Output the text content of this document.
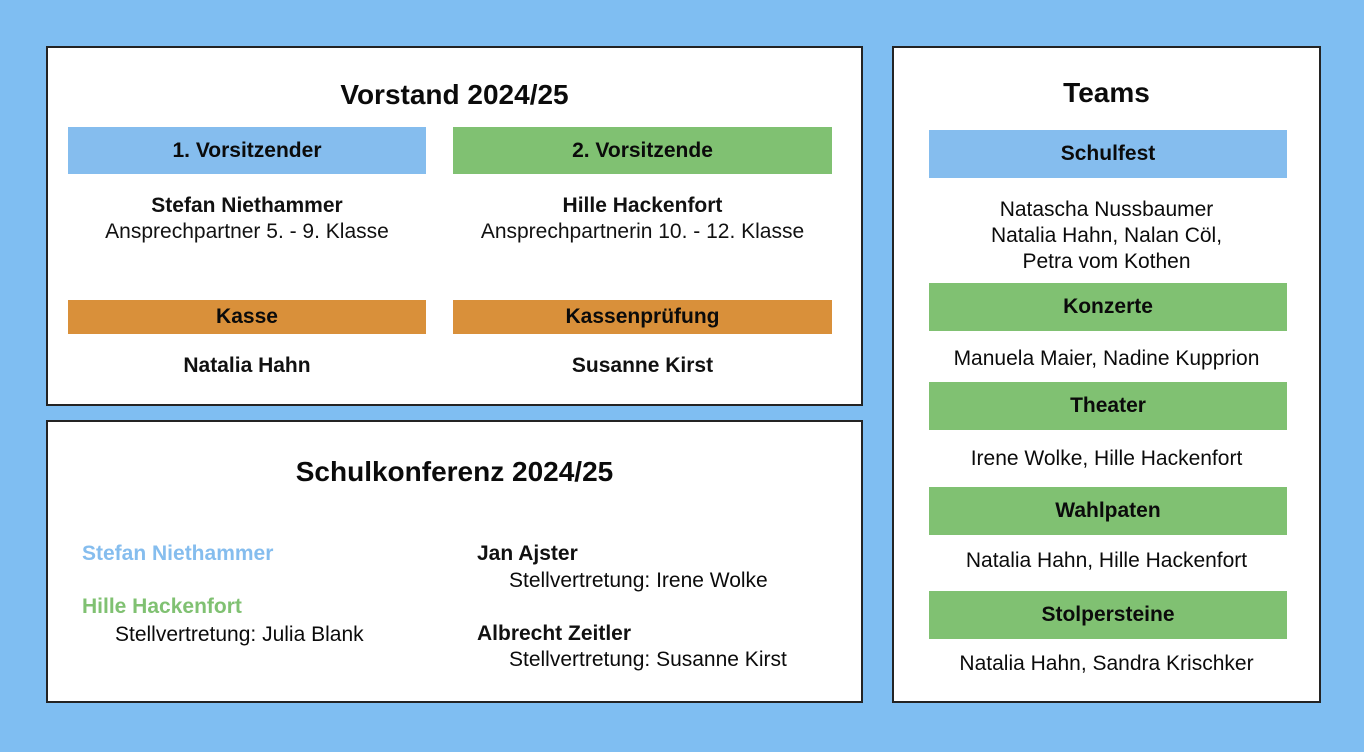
Vorstand 2024/25
1. Vorsitzender	2. Vorsitzende
Stefan Niethammer
Ansprechpartner 5. - 9. Klasse
Hille Hackenfort
Ansprechpartnerin 10. - 12. Klasse
Kasse	Kassenprüfung
Natalia Hahn	Susanne Kirst
Schulkonferenz 2024/25
Stefan Niethammer
Hille Hackenfort
Stellvertretung: Julia Blank
Jan Ajster
Stellvertretung: Irene Wolke
Albrecht Zeitler
Stellvertretung: Susanne Kirst
Teams
Schulfest
Natascha Nussbaumer
Natalia Hahn, Nalan Cöl,
Petra vom Kothen
Konzerte
Manuela Maier, Nadine Kupprion
Theater
Irene Wolke, Hille Hackenfort
Wahlpaten
Natalia Hahn, Hille Hackenfort
Stolpersteine
Natalia Hahn, Sandra Krischker
